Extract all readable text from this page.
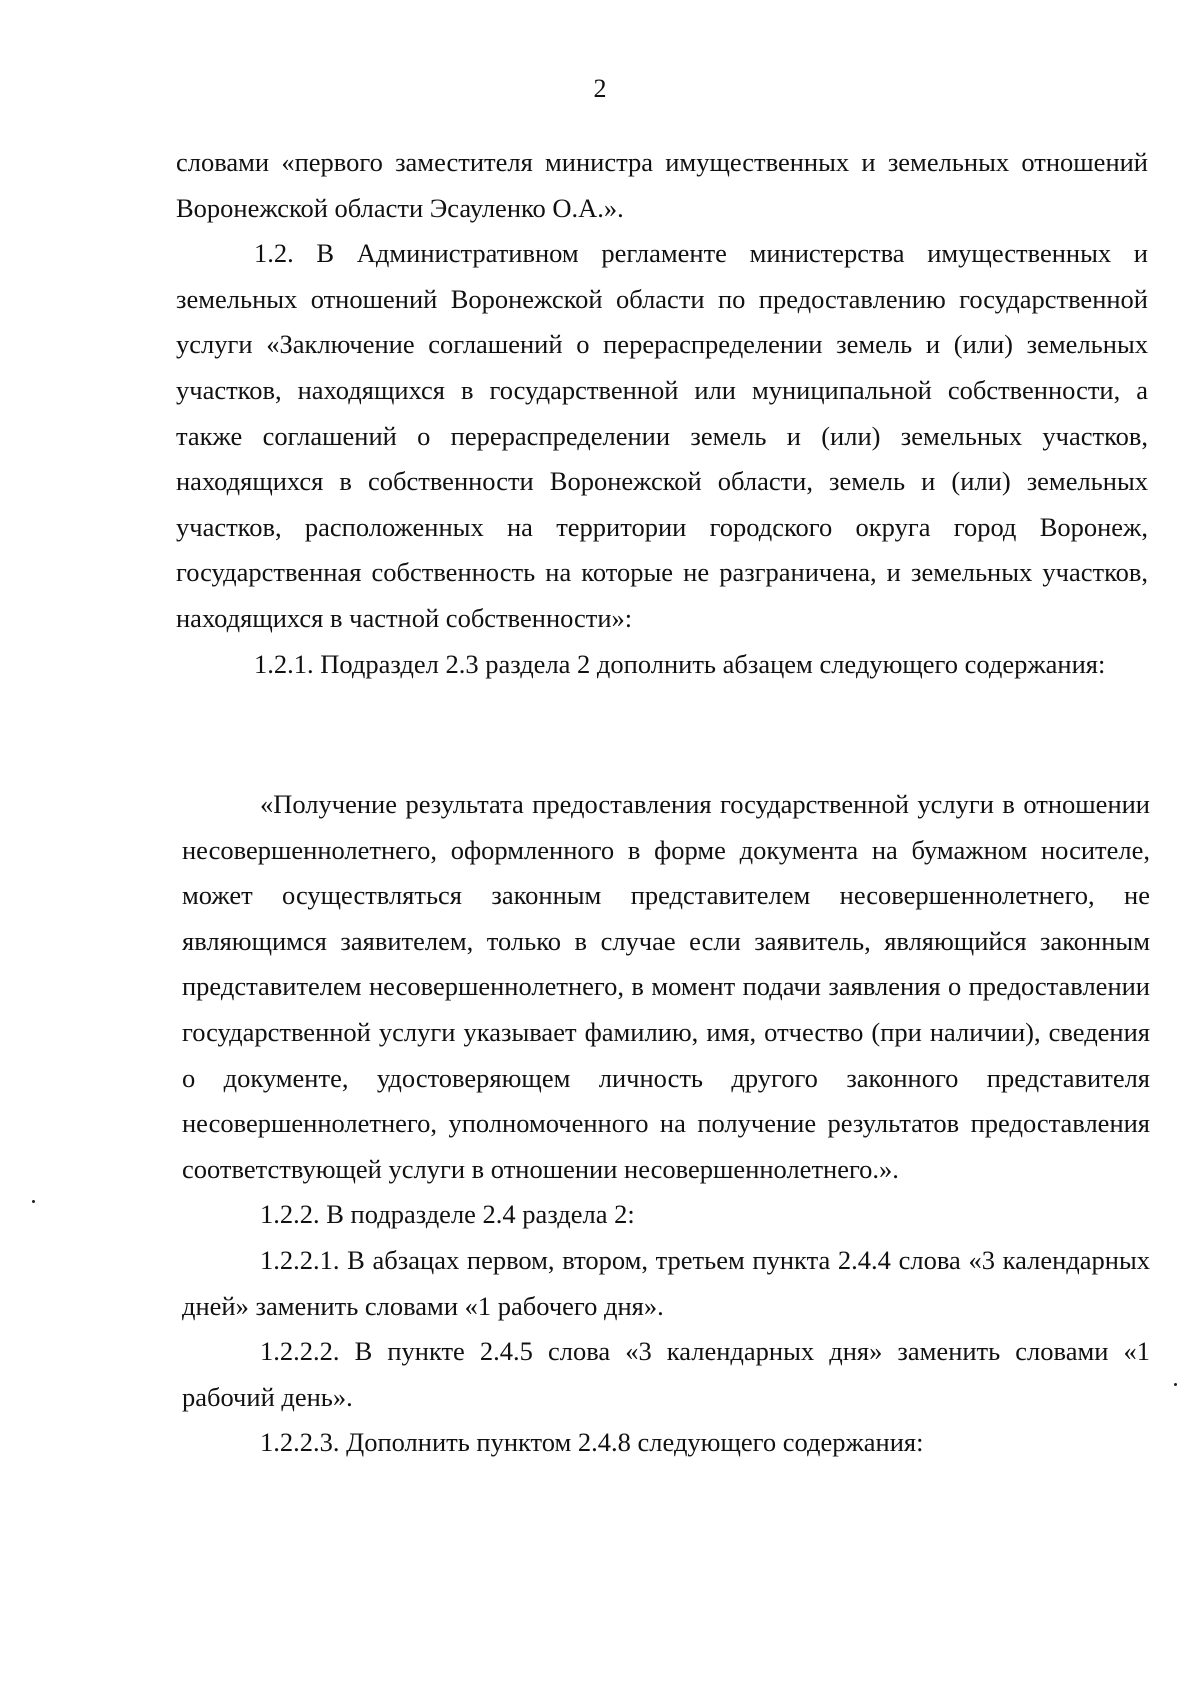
2

словами «первого заместителя министра имущественных и земельных отношений Воронежской области Эсауленко О.А.».

1.2. В Административном регламенте министерства имущественных и земельных отношений Воронежской области по предоставлению государственной услуги «Заключение соглашений о перераспределении земель и (или) земельных участков, находящихся в государственной или муниципальной собственности, а также соглашений о перераспределении земель и (или) земельных участков, находящихся в собственности Воронежской области, земель и (или) земельных участков, расположенных на территории городского округа город Воронеж, государственная собственность на которые не разграничена, и земельных участков, находящихся в частной собственности»:

1.2.1. Подраздел 2.3 раздела 2 дополнить абзацем следующего содержания:

«Получение результата предоставления государственной услуги в отношении несовершеннолетнего, оформленного в форме документа на бумажном носителе, может осуществляться законным представителем несовершеннолетнего, не являющимся заявителем, только в случае если заявитель, являющийся законным представителем несовершеннолетнего, в момент подачи заявления о предоставлении государственной услуги указывает фамилию, имя, отчество (при наличии), сведения о документе, удостоверяющем личность другого законного представителя несовершеннолетнего, уполномоченного на получение результатов предоставления соответствующей услуги в отношении несовершеннолетнего.».

1.2.2. В подразделе 2.4 раздела 2:

1.2.2.1. В абзацах первом, втором, третьем пункта 2.4.4 слова «3 календарных дней» заменить словами «1 рабочего дня».

1.2.2.2. В пункте 2.4.5 слова «3 календарных дня» заменить словами «1 рабочий день».

1.2.2.3. Дополнить пунктом 2.4.8 следующего содержания:
